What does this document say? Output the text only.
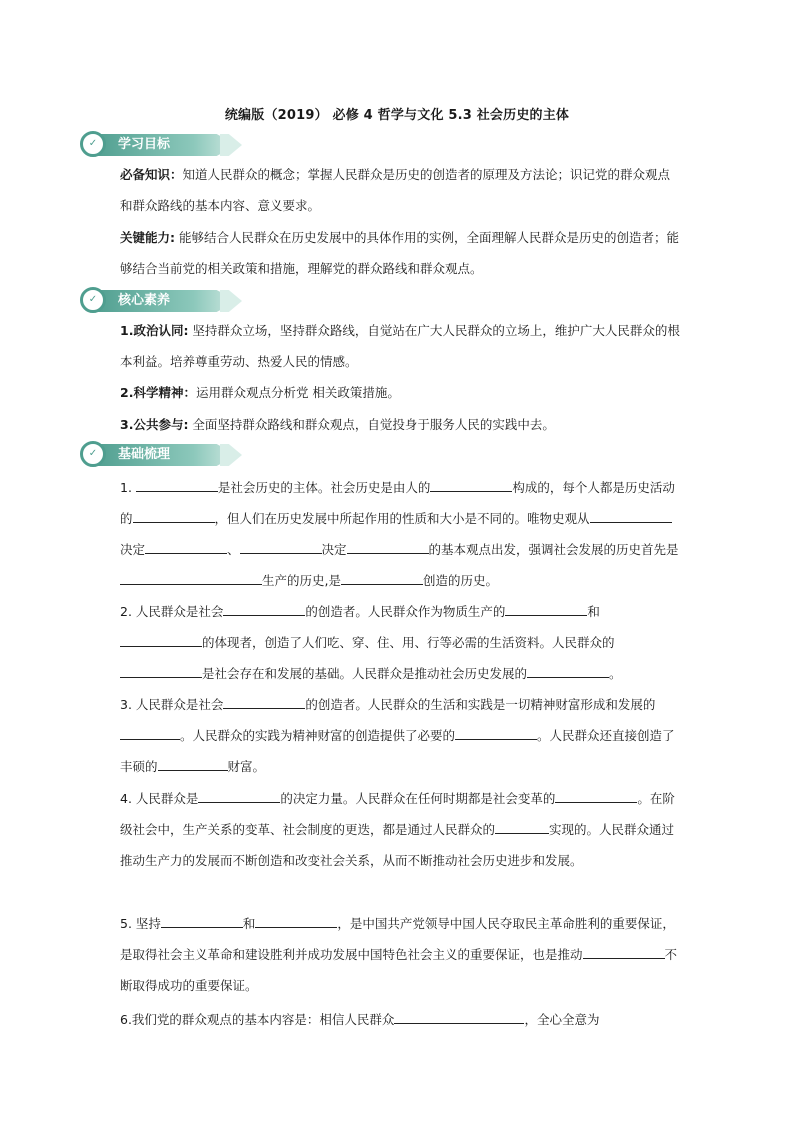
统编版（2019） 必修 4 哲学与文化 5.3 社会历史的主体
✓ 学习目标
必备知识：知道人民群众的概念；掌握人民群众是历史的创造者的原理及方法论；识记党的群众观点和群众路线的基本内容、意义要求。
关键能力: 能够结合人民群众在历史发展中的具体作用的实例，全面理解人民群众是历史的创造者；能够结合当前党的相关政策和措施，理解党的群众路线和群众观点。
✓ 核心素养
1.政治认同: 坚持群众立场，坚持群众路线，自觉站在广大人民群众的立场上，维护广大人民群众的根本利益。培养尊重劳动、热爱人民的情感。
2.科学精神：运用群众观点分析党 相关政策措施。
3.公共参与: 全面坚持群众路线和群众观点，自觉投身于服务人民的实践中去。
✓ 基础梳理
1.	是社会历史的主体。社会历史是由人的	构成的，每个人都是历史活动的	，但人们在历史发展中所起作用的性质和大小是不同的。唯物史观从决定	、	决定	的基本观点出发，强调社会发展的历史首先是生产的历史,是	创造的历史。
2. 人民群众是社会	的创造者。人民群众作为物质生产的	和的体现者，创造了人们吃、穿、住、用、行等必需的生活资料。人民群众的是社会存在和发展的基础。人民群众是推动社会历史发展的	。
3. 人民群众是社会	的创造者。人民群众的生活和实践是一切精神财富形成和发展的。人民群众的实践为精神财富的创造提供了必要的	。人民群众还直接创造了丰硕的	财富。
4. 人民群众是	的决定力量。人民群众在任何时期都是社会变革的	。在阶级社会中，生产关系的变革、社会制度的更迭，都是通过人民群众的	实现的。人民群众通过推动生产力的发展而不断创造和改变社会关系，从而不断推动社会历史进步和发展。
5. 坚持	和	，是中国共产党领导中国人民夺取民主革命胜利的重要保证，是取得社会主义革命和建设胜利并成功发展中国特色社会主义的重要保证，也是推动	不断取得成功的重要保证。
6.我们党的群众观点的基本内容是：相信人民群众	，全心全意为
